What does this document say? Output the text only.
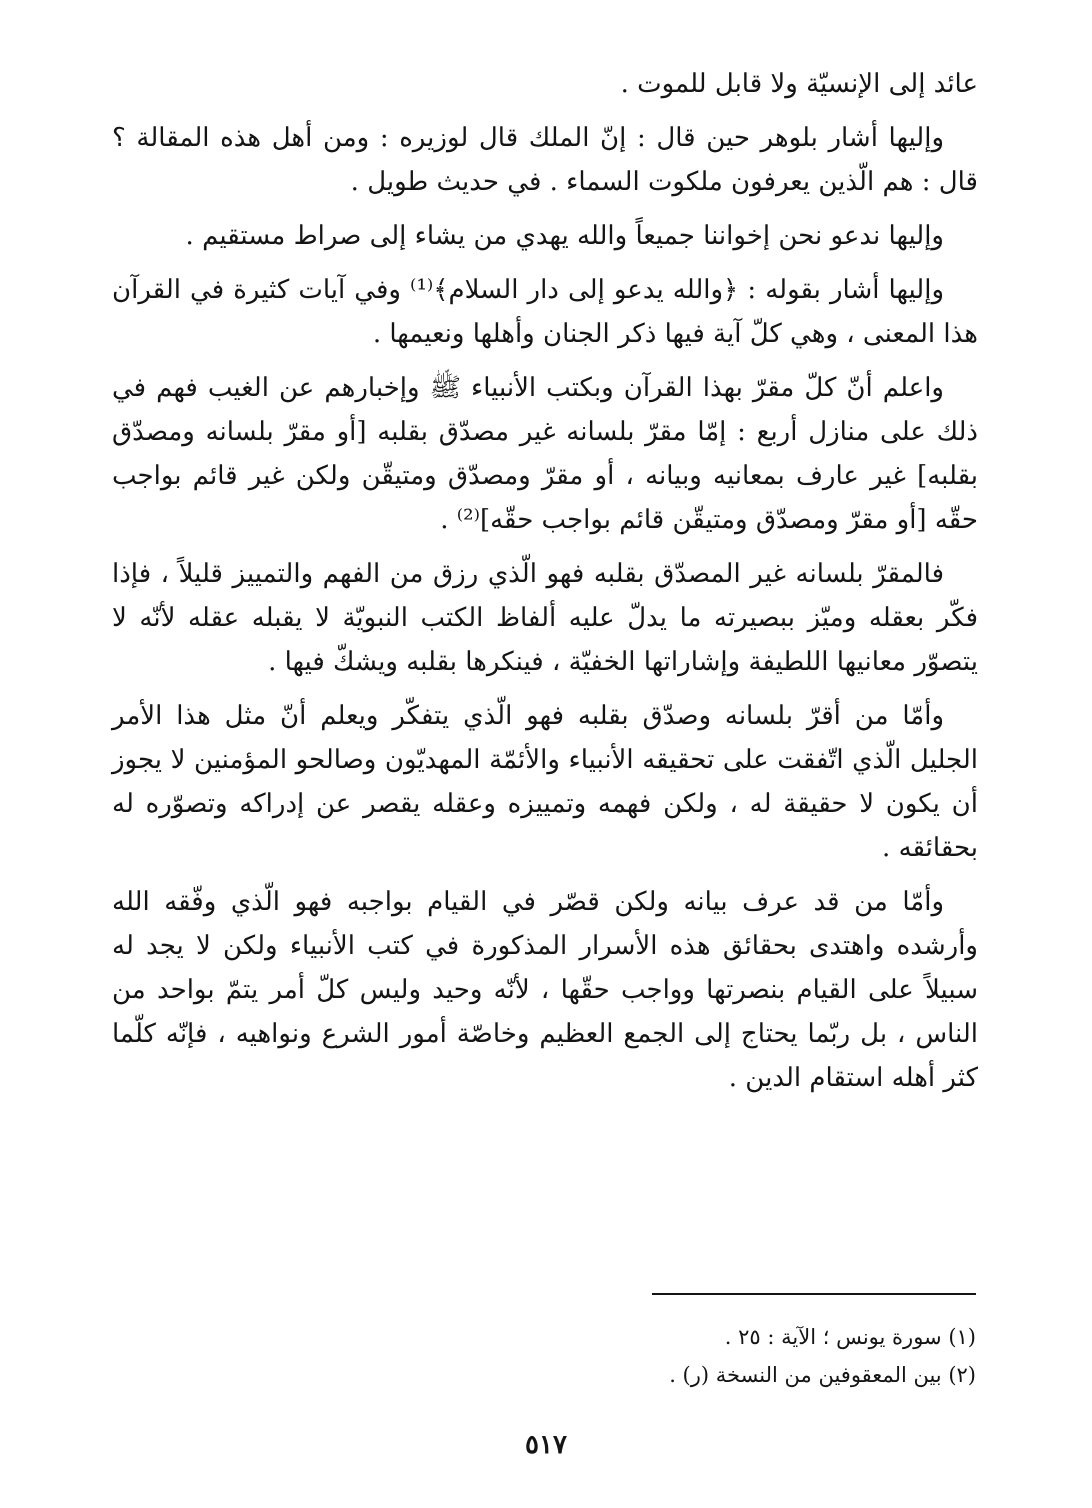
عائد إلى الإنسيّة ولا قابل للموت .

وإليها أشار بلوهر حين قال : إنّ الملك قال لوزيره : ومن أهل هذه المقالة ؟ قال : هم الّذين يعرفون ملكوت السماء . في حديث طويل .

وإليها ندعو نحن إخواننا جميعاً والله يهدي من يشاء إلى صراط مستقيم .

وإليها أشار بقوله : ﴿والله يدعو إلى دار السلام﴾⁽¹⁾ وفي آيات كثيرة في القرآن هذا المعنى ، وهي كلّ آية فيها ذكر الجنان وأهلها ونعيمها .

واعلم أنّ كلّ مقرّ بهذا القرآن وبكتب الأنبياء ﷺ وإخبارهم عن الغيب فهم في ذلك على منازل أربع : إمّا مقرّ بلسانه غير مصدّق بقلبه [أو مقرّ بلسانه ومصدّق بقلبه] غير عارف بمعانيه وبيانه ، أو مقرّ ومصدّق ومتيقّن ولكن غير قائم بواجب حقّه [أو مقرّ ومصدّق ومتيقّن قائم بواجب حقّه]⁽²⁾ .

فالمقرّ بلسانه غير المصدّق بقلبه فهو الّذي رزق من الفهم والتمييز قليلاً ، فإذا فكّر بعقله وميّز ببصيرته ما يدلّ عليه ألفاظ الكتب النبويّة لا يقبله عقله لأنّه لا يتصوّر معانيها اللطيفة وإشاراتها الخفيّة ، فينكرها بقلبه ويشكّ فيها .

وأمّا من أقرّ بلسانه وصدّق بقلبه فهو الّذي يتفكّر ويعلم أنّ مثل هذا الأمر الجليل الّذي اتّفقت على تحقيقه الأنبياء والأئمّة المهديّون وصالحو المؤمنين لا يجوز أن يكون لا حقيقة له ، ولكن فهمه وتمييزه وعقله يقصر عن إدراكه وتصوّره له بحقائقه .

وأمّا من قد عرف بيانه ولكن قصّر في القيام بواجبه فهو الّذي وفّقه الله وأرشده واهتدى بحقائق هذه الأسرار المذكورة في كتب الأنبياء ولكن لا يجد له سبيلاً على القيام بنصرتها وواجب حقّها ، لأنّه وحيد وليس كلّ أمر يتمّ بواحد من الناس ، بل ربّما يحتاج إلى الجمع العظيم وخاصّة أمور الشرع ونواهيه ، فإنّه كلّما كثر أهله استقام الدين .

(١) سورة يونس ؛ الآية : ٢٥ .

(٢) بين المعقوفين من النسخة (ر) .

٥١٧
